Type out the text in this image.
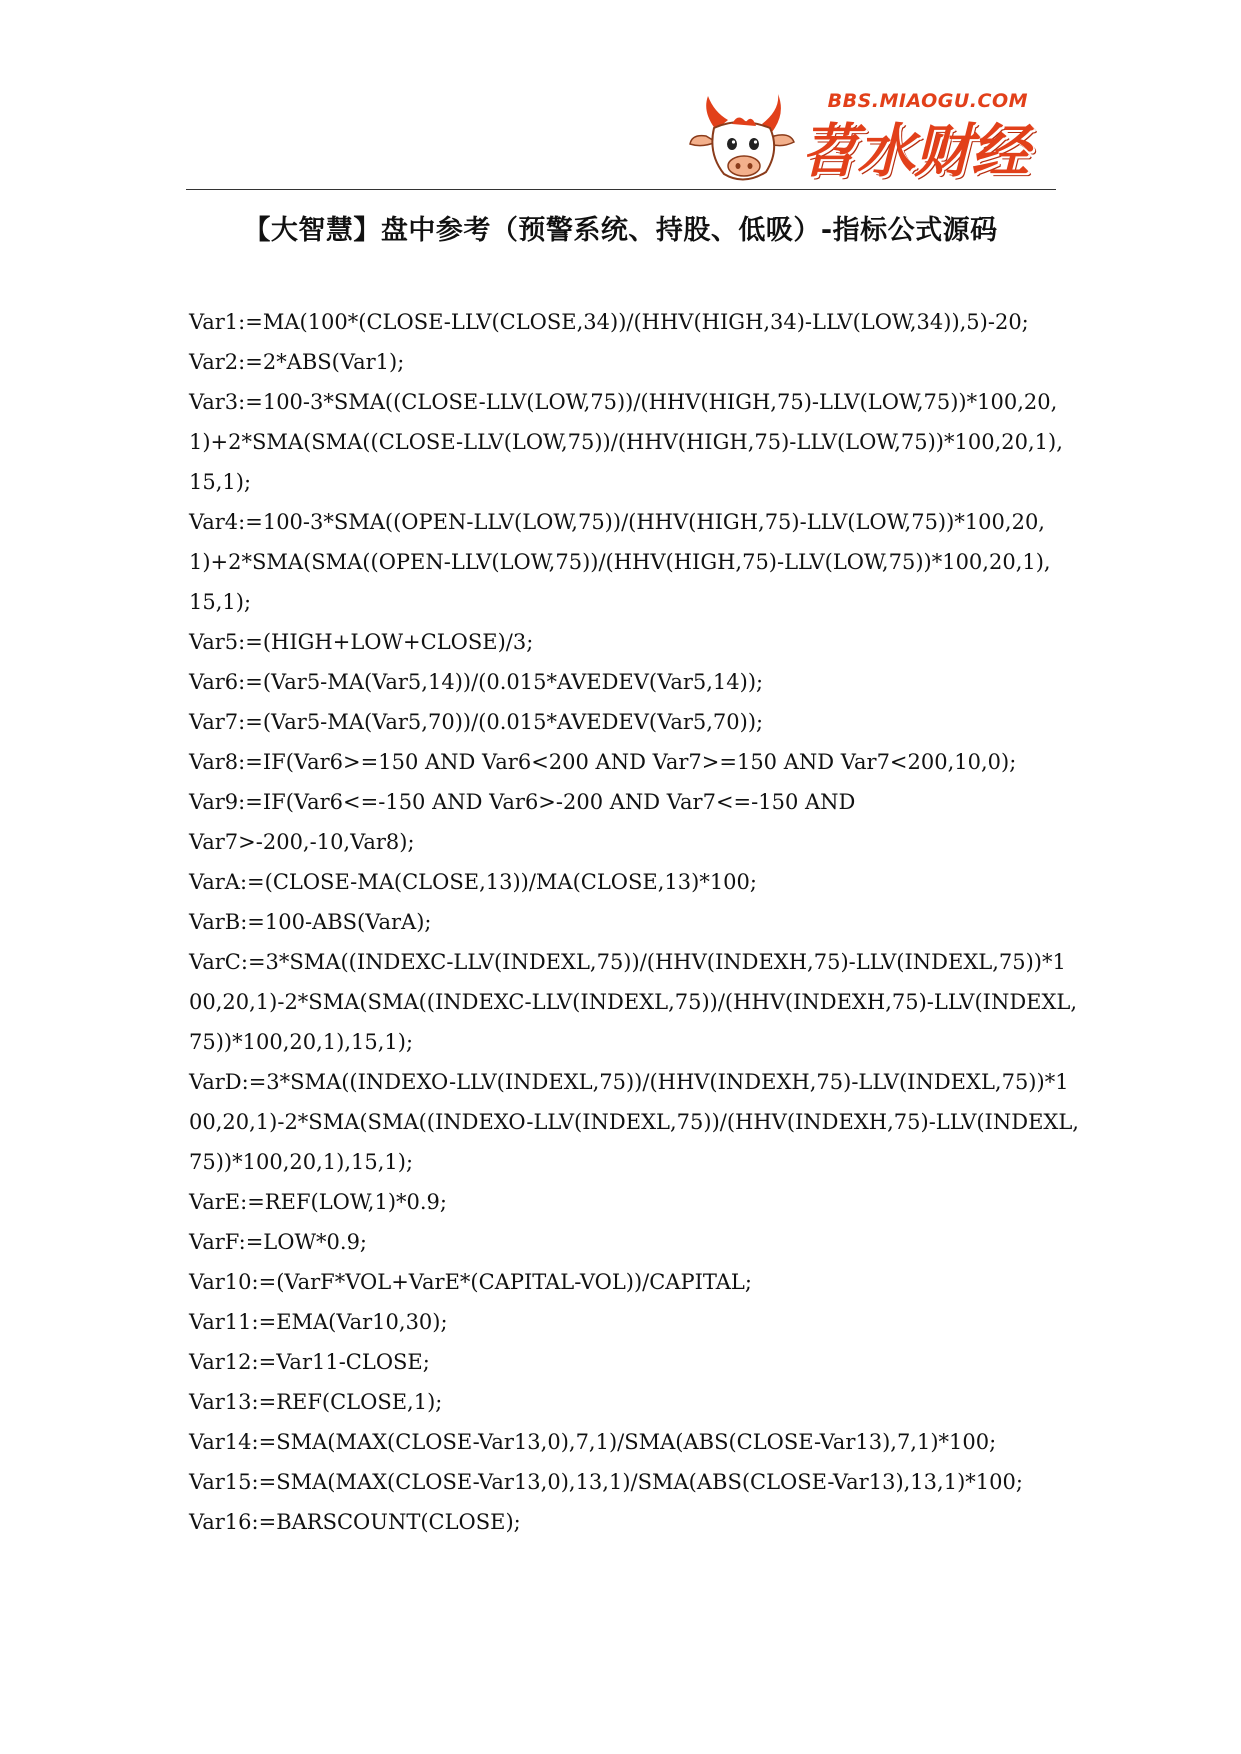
BBS.MIAOGU.COM
苕水财经
【大智慧】盘中参考（预警系统、持股、低吸）-指标公式源码
Var1:=MA(100*(CLOSE-LLV(CLOSE,34))/(HHV(HIGH,34)-LLV(LOW,34)),5)-20;
Var2:=2*ABS(Var1);
Var3:=100-3*SMA((CLOSE-LLV(LOW,75))/(HHV(HIGH,75)-LLV(LOW,75))*100,20,
1)+2*SMA(SMA((CLOSE-LLV(LOW,75))/(HHV(HIGH,75)-LLV(LOW,75))*100,20,1),
15,1);
Var4:=100-3*SMA((OPEN-LLV(LOW,75))/(HHV(HIGH,75)-LLV(LOW,75))*100,20,
1)+2*SMA(SMA((OPEN-LLV(LOW,75))/(HHV(HIGH,75)-LLV(LOW,75))*100,20,1),
15,1);
Var5:=(HIGH+LOW+CLOSE)/3;
Var6:=(Var5-MA(Var5,14))/(0.015*AVEDEV(Var5,14));
Var7:=(Var5-MA(Var5,70))/(0.015*AVEDEV(Var5,70));
Var8:=IF(Var6>=150 AND Var6<200 AND Var7>=150 AND Var7<200,10,0);
Var9:=IF(Var6<=-150 AND Var6>-200 AND Var7<=-150 AND
Var7>-200,-10,Var8);
VarA:=(CLOSE-MA(CLOSE,13))/MA(CLOSE,13)*100;
VarB:=100-ABS(VarA);
VarC:=3*SMA((INDEXC-LLV(INDEXL,75))/(HHV(INDEXH,75)-LLV(INDEXL,75))*1
00,20,1)-2*SMA(SMA((INDEXC-LLV(INDEXL,75))/(HHV(INDEXH,75)-LLV(INDEXL,
75))*100,20,1),15,1);
VarD:=3*SMA((INDEXO-LLV(INDEXL,75))/(HHV(INDEXH,75)-LLV(INDEXL,75))*1
00,20,1)-2*SMA(SMA((INDEXO-LLV(INDEXL,75))/(HHV(INDEXH,75)-LLV(INDEXL,
75))*100,20,1),15,1);
VarE:=REF(LOW,1)*0.9;
VarF:=LOW*0.9;
Var10:=(VarF*VOL+VarE*(CAPITAL-VOL))/CAPITAL;
Var11:=EMA(Var10,30);
Var12:=Var11-CLOSE;
Var13:=REF(CLOSE,1);
Var14:=SMA(MAX(CLOSE-Var13,0),7,1)/SMA(ABS(CLOSE-Var13),7,1)*100;
Var15:=SMA(MAX(CLOSE-Var13,0),13,1)/SMA(ABS(CLOSE-Var13),13,1)*100;
Var16:=BARSCOUNT(CLOSE);
